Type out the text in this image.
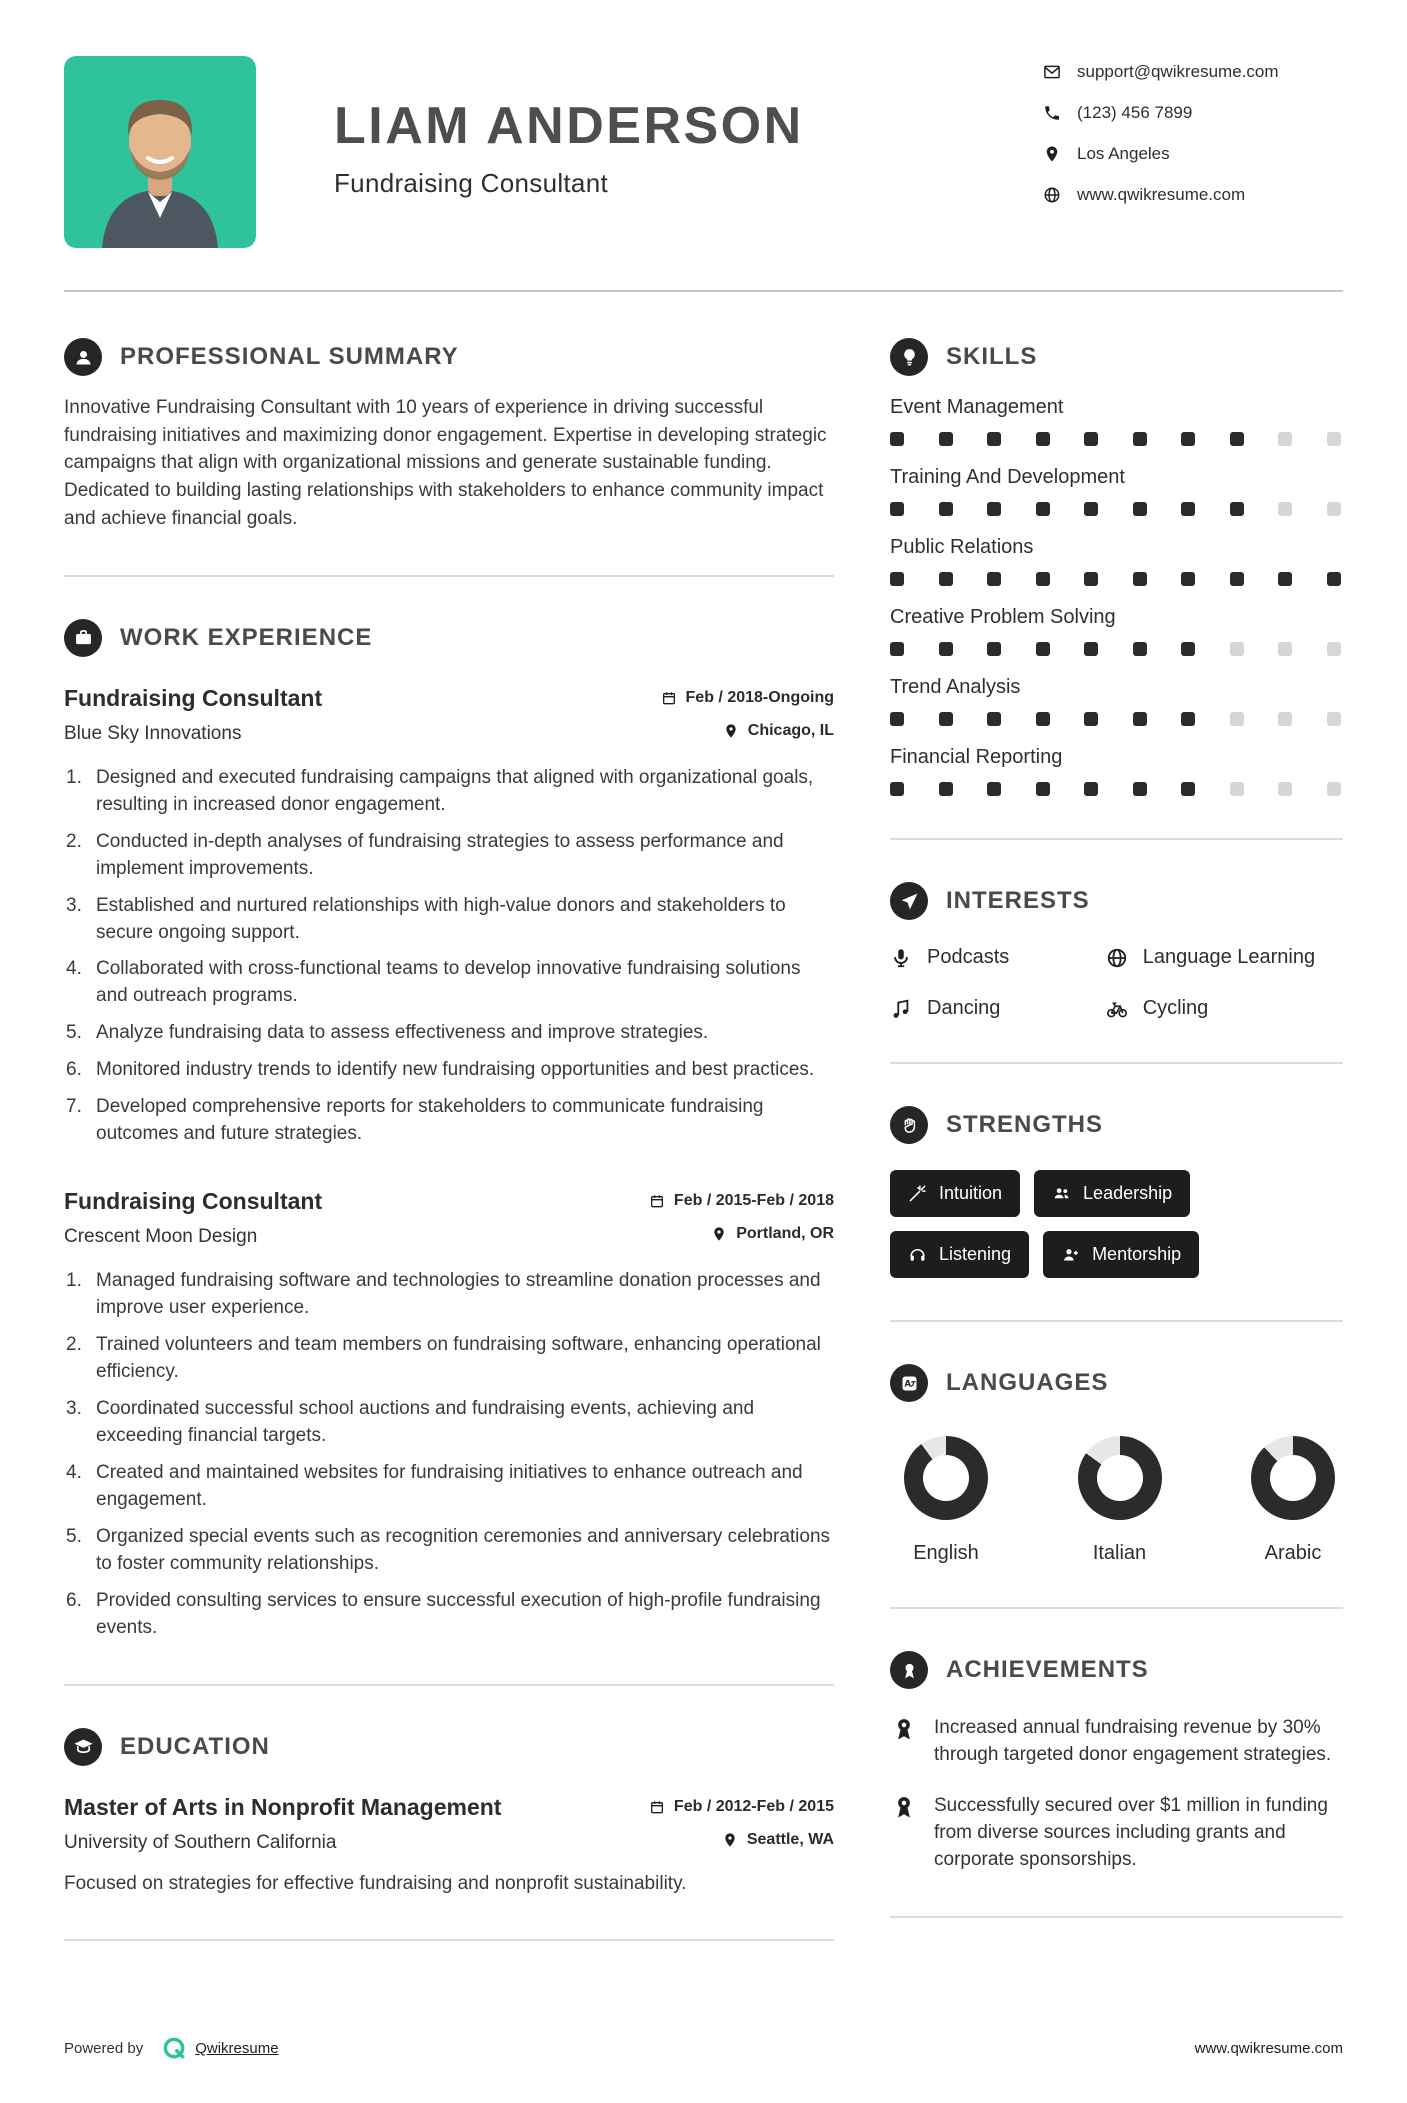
LIAM ANDERSON
Fundraising Consultant
support@qwikresume.com
(123) 456 7899
Los Angeles
www.qwikresume.com
PROFESSIONAL SUMMARY

Innovative Fundraising Consultant with 10 years of experience in driving successful fundraising initiatives and maximizing donor engagement. Expertise in developing strategic campaigns that align with organizational missions and generate sustainable funding. Dedicated to building lasting relationships with stakeholders to enhance community impact and achieve financial goals.

WORK EXPERIENCE
Fundraising Consultant	Feb / 2018-Ongoing
Blue Sky Innovations	Chicago, IL
Designed and executed fundraising campaigns that aligned with organizational goals, resulting in increased donor engagement.
Conducted in-depth analyses of fundraising strategies to assess performance and implement improvements.
Established and nurtured relationships with high-value donors and stakeholders to secure ongoing support.
Collaborated with cross-functional teams to develop innovative fundraising solutions and outreach programs.
Analyze fundraising data to assess effectiveness and improve strategies.
Monitored industry trends to identify new fundraising opportunities and best practices.
Developed comprehensive reports for stakeholders to communicate fundraising outcomes and future strategies.
Fundraising Consultant	Feb / 2015-Feb / 2018
Crescent Moon Design	Portland, OR
Managed fundraising software and technologies to streamline donation processes and improve user experience.
Trained volunteers and team members on fundraising software, enhancing operational efficiency.
Coordinated successful school auctions and fundraising events, achieving and exceeding financial targets.
Created and maintained websites for fundraising initiatives to enhance outreach and engagement.
Organized special events such as recognition ceremonies and anniversary celebrations to foster community relationships.
Provided consulting services to ensure successful execution of high-profile fundraising events.
EDUCATION
Master of Arts in Nonprofit Management	Feb / 2012-Feb / 2015
University of Southern California	Seattle, WA

Focused on strategies for effective fundraising and nonprofit sustainability.

SKILLS
Event Management
Training And Development
Public Relations
Creative Problem Solving
Trend Analysis
Financial Reporting
INTERESTS
Podcasts	Language Learning
Dancing	Cycling
STRENGTHS
Intuition	Leadership
Listening	Mentorship
A LANGUAGES
English	Italian	Arabic
ACHIEVEMENTS
Increased annual fundraising revenue by 30% through targeted donor engagement strategies.
Successfully secured over $1 million in funding from diverse sources including grants and corporate sponsorships.
Powered by	Qwikresume	www.qwikresume.com
